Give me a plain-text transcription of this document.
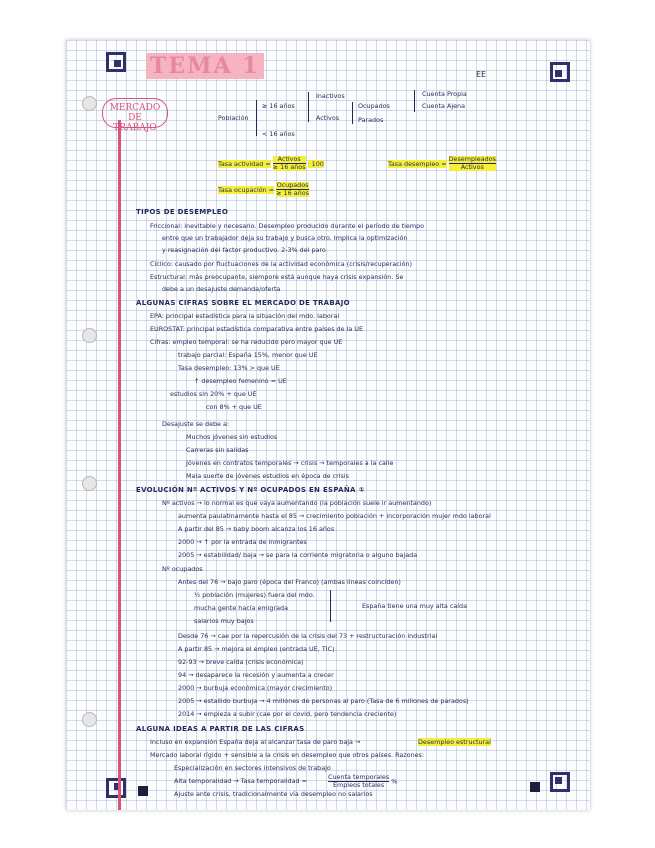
TEMA 1	EE
MERCADO DE
TRABAJO
Población
≥ 16 años
< 16 años
Inactivos
Activos
Ocupados
Parados
Cuenta Propia
Cuenta Ajena
Tasa actividad =
Activos
≥ 16 años · 100	Tasa desempleo =
Desempleados
Activos
Tasa ocupación =
Ocupados
≥ 16 años
TIPOS DE DESEMPLEO
Friccional: inevitable y necesario. Desempleo producido durante el período de tiempo
entre que un trabajador deja su trabajo y busca otro. Implica la optimización
y reasignación del factor productivo. 2-3% del paro
Cíclico: causado por fluctuaciones de la actividad económica (crisis/recuperación)
Estructural: más preocupante, siempore está aunque haya crisis expansión. Se
debe a un desajuste demanda/oferta
ALGUNAS CIFRAS SOBRE EL MERCADO DE TRABAJO
EPA: principal estadística para la situación del mdo. laboral
EUROSTAT: principal estadística comparativa entre países de la UE
Cifras: empleo temporal: se ha reducido pero mayor que UE
trabajo parcial: España 15%, menor que UE
Tasa desempleo: 13% > que UE
↑ desempleo femenino = UE
estudios sin 20% + que UE
con 8% + que UE
Desajuste se debe a:
Muchos jóvenes sin estudios
Carreras sin salidas
Jóvenes en contratos temporales → crisis → temporales a la calle
Mala suerte de jóvenes estudios en época de crisis
EVOLUCIÓN Nº ACTIVOS Y Nº OCUPADOS EN ESPAÑA ①
Nº activos → lo normal es que vaya aumentando (la población suele ir aumentando)
aumenta paulatinamente hasta el 85 → crecimiento población + incorporación mujer mdo laboral
A partir del 85 → baby boom alcanza los 16 años
2000 → ↑ por la entrada de inmigrantes
2005 → estabilidad/ baja → se para la corriente migratoria o alguno bajada
Nº ocupados
Antes del 76 → bajo paro (época del Franco) (ambas líneas coinciden)
½ población (mujeres) fuera del mdo.
mucha gente hacía emigrada
salarios muy bajos
Desde 76 → cae por la repercusión de la crisis del 73 + restructuración industrial
A partir 85 → mejora el empleo (entrada UE, TIC)
92-93 → breve caída (crisis económica)
94 → desaparece la recesión y aumenta a crecer
2000 → burbuja económica (mayor crecimiento)
2005 → estallido burbuja → 4 millones de personas al paro (Tasa de 6 millones de parados)
2014 → empieza a subir (cae por el covid, pero tendencia creciente)
ALGUNA IDEAS A PARTIR DE LAS CIFRAS
Incluso en expansión España deja al alcanzar tasa de paro baja →
Mercado laboral rígido + sensible a la crisis en desempleo que otros países. Razones:
Especialización en sectores intensivos de trabajo
Alta temporalidad → Tasa temporalidad =
Ajuste ante crisis, tradicionalmente vía desempleo no salarios
España tiene una muy alta caída
Desempleo estructural
Cuenta temporales
Empleos totales	%
